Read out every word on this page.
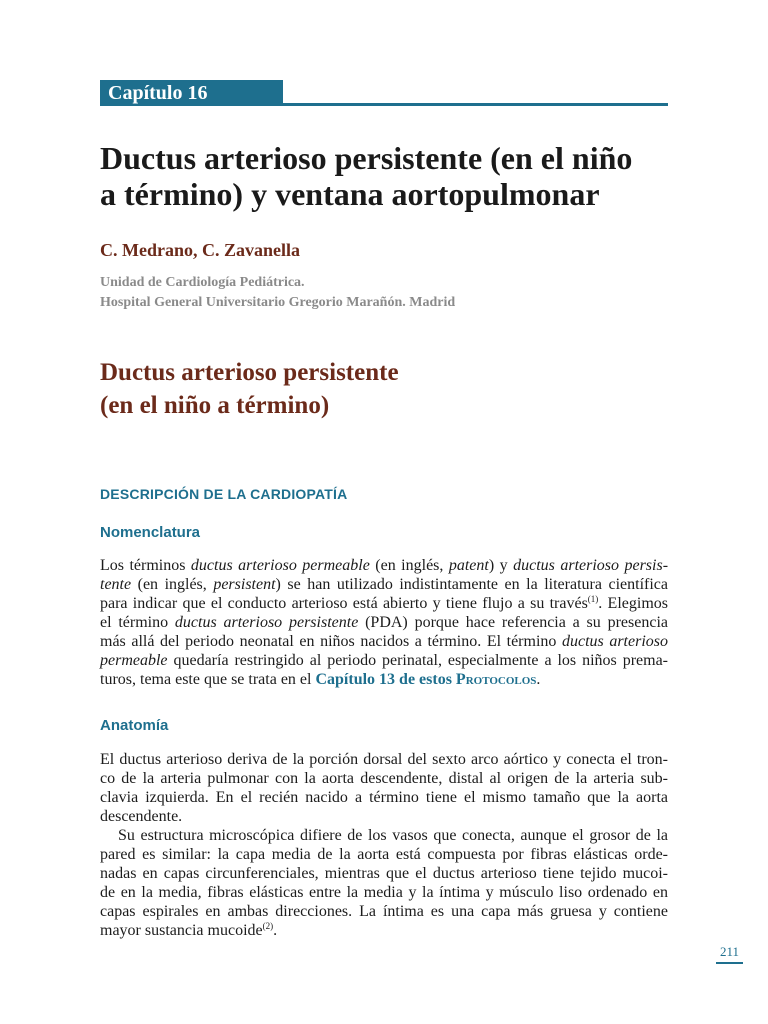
Capítulo 16
Ductus arterioso persistente (en el niño
a término) y ventana aortopulmonar

C. Medrano, C. Zavanella

Unidad de Cardiología Pediátrica.
Hospital General Universitario Gregorio Marañón. Madrid

Ductus arterioso persistente
(en el niño a término)
DESCRIPCIÓN DE LA CARDIOPATÍA
Nomenclatura
Los términos ductus arterioso permeable (en inglés, patent) y ductus arterioso persis-
tente (en inglés, persistent) se han utilizado indistintamente en la literatura científica
para indicar que el conducto arterioso está abierto y tiene flujo a su través$^{(1)}$. Elegimos
el término ductus arterioso persistente (PDA) porque hace referencia a su presencia
más allá del periodo neonatal en niños nacidos a término. El término ductus arterioso
permeable quedaría restringido al periodo perinatal, especialmente a los niños prema-
turos, tema este que se trata en el Capítulo 13 de estos Protocolos.
Anatomía
El ductus arterioso deriva de la porción dorsal del sexto arco aórtico y conecta el tron-
co de la arteria pulmonar con la aorta descendente, distal al origen de la arteria sub-
clavia izquierda. En el recién nacido a término tiene el mismo tamaño que la aorta
descendente.
Su estructura microscópica difiere de los vasos que conecta, aunque el grosor de la
pared es similar: la capa media de la aorta está compuesta por fibras elásticas orde-
nadas en capas circunferenciales, mientras que el ductus arterioso tiene tejido mucoi-
de en la media, fibras elásticas entre la media y la íntima y músculo liso ordenado en
capas espirales en ambas direcciones. La íntima es una capa más gruesa y contiene
mayor sustancia mucoide$^{(2)}$.
211
